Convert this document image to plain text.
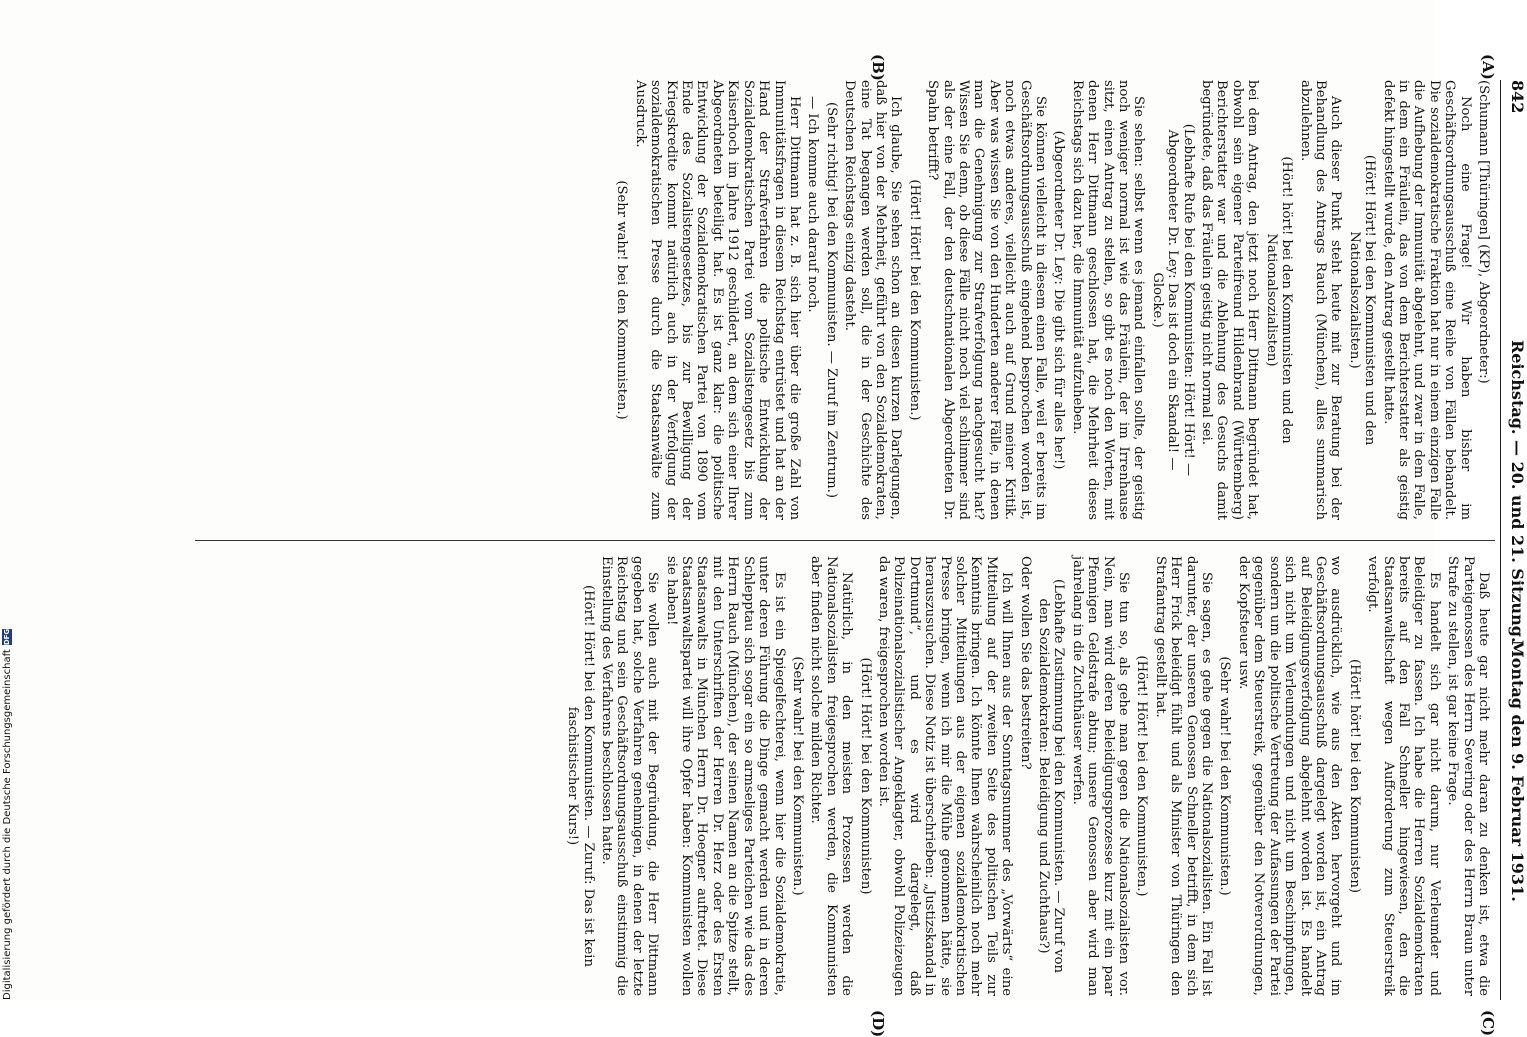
842
Reichstag. — 20. und 21. Sitzung.
Montag den 9. Februar 1931.
(A)
(B)
(C)
(D)

(Schumann [Thüringen] (KP), Abgeordneter:)

Noch eine Frage! Wir haben bisher im Geschäftsordnungsausschuß eine Reihe von Fällen behandelt. Die sozialdemokratische Fraktion hat nur in einem einzigen Falle die Aufhebung der Immunität abgelehnt, und zwar in dem Falle, in dem ein Fräulein, das von dem Berichterstatter als geistig defekt hingestellt wurde, den Antrag gestellt hatte.

(Hört! Hört! bei den Kommunisten und den Nationalsozialisten.)

Auch dieser Punkt steht heute mit zur Beratung bei der Behandlung des Antrags Rauch (München), alles summarisch abzulehnen.

(Hört! hört! bei den Kommunisten und den Nationalsozialisten)

bei dem Antrag, den jetzt noch Herr Dittmann begründet hat, obwohl sein eigener Parteifreund Hildenbrand (Württemberg) Berichterstatter war und die Ablehnung des Gesuchs damit begründete, daß das Fräulein geistig nicht normal sei.

(Lebhafte Rufe bei den Kommunisten: Hört! Hört! — Abgeordneter Dr. Ley: Das ist doch ein Skandal! — Glocke.)

Sie sehen: selbst wenn es jemand einfallen sollte, der geistig noch weniger normal ist wie das Fräulein, der im Irrenhause sitzt, einen Antrag zu stellen, so gibt es noch den Worten, mit denen Herr Dittmann geschlossen hat, die Mehrheit dieses Reichstags sich dazu her, die Immunität aufzuheben.

(Abgeordneter Dr. Ley: Die gibt sich für alles her!)

Sie können vielleicht in diesem einen Falle, weil er bereits im Geschäftsordnungsausschuß eingehend besprochen worden ist, noch etwas anderes, vielleicht auch auf Grund meiner Kritik. Aber was wissen Sie von den Hunderten anderer Fälle, in denen man die Genehmigung zur Strafverfolgung nachgesucht hat? Wissen Sie denn, ob diese Fälle nicht noch viel schlimmer sind als der eine Fall, der den deutschnationalen Abgeordneten Dr. Spahn betrifft?

(Hört! Hört! bei den Kommunisten.)

Ich glaube, Sie sehen schon an diesen kurzen Darlegungen, daß hier von der Mehrheit, geführt von den Sozialdemokraten, eine Tat begangen werden soll, die in der Geschichte des Deutschen Reichstags einzig dasteht.

(Sehr richtig! bei den Kommunisten. — Zuruf im Zentrum.)

— Ich komme auch darauf noch.

Herr Dittmann hat z. B. sich hier über die große Zahl von Immunitätsfragen in diesem Reichstag entrüstet und hat an der Hand der Strafverfahren die politische Entwicklung der Sozialdemokratischen Partei vom Sozialistengesetz bis zum Kaiserhoch im Jahre 1912 geschildert, an dem sich einer Ihrer Abgeordneten beteiligt hat. Es ist ganz klar: die politische Entwicklung der Sozialdemokratischen Partei von 1890 vom Ende des Sozialistengesetzes, bis zur Bewilligung der Kriegskredite kommt natürlich auch in der Verfolgung der sozialdemokratischen Presse durch die Staatsanwälte zum Ausdruck.

(Sehr wahr! bei den Kommunisten.)

Daß heute gar nicht mehr daran zu denken ist, etwa die Parteigenossen des Herrn Severing oder des Herrn Braun unter Strafe zu stellen, ist gar keine Frage.

Es handelt sich gar nicht darum, nur Verleumder und Beleidiger zu fassen. Ich habe die Herren Sozialdemokraten bereits auf den Fall Schneller hingewiesen, den die Staatsanwaltschaft wegen Aufforderung zum Steuerstreik verfolgt.

(Hört! hört! bei den Kommunisten)

wo ausdrücklich, wie aus den Akten hervorgeht und im Geschäftsordnungsausschuß dargelegt worden ist, ein Antrag auf Beleidigungsverfolgung abgelehnt worden ist. Es handelt sich nicht um Verleumdungen und nicht um Beschimpfungen, sondern um die politische Vertretung der Aufassungen der Partei gegenüber dem Steuerstreik, gegenüber den Notverordnungen, der Kopfsteuer usw.

(Sehr wahr! bei den Kommunisten.)

Sie sagen, es gehe gegen die Nationalsozialisten. Ein Fall ist darunter, der unseren Genossen Schneller betrifft, in dem sich Herr Frick beleidigt fühlt und als Minister von Thüringen den Strafantrag gestellt hat.

(Hört! Hört! bei den Kommunisten.)

Sie tun so, als gehe man gegen die Nationalsozialisten vor. Nein, man wird deren Beleidigungsprozesse kurz mit ein paar Pfennigen Geldstrafe abtun; unsere Genossen aber wird man jahrelang in die Zuchthäuser werfen.

(Lebhafte Zustimmung bei den Kommunisten. — Zuruf von den Sozialdemokraten: Beleidigung und Zuchthaus?)

Oder wollen Sie das bestreiten?

Ich will Ihnen aus der Sonntagsnummer des „Vorwärts“ eine Mitteilung auf der zweiten Seite des politischen Teils zur Kenntnis bringen. Ich könnte Ihnen wahrscheinlich noch mehr solcher Mitteilungen aus der eigenen sozialdemokratischen Presse bringen, wenn ich mir die Mühe genommen hätte, sie herauszusuchen. Diese Notiz ist überschrieben: „Justizskandal in Dortmund“, und es wird dargelegt, daß Polizeinationalsozialistischer Angeklagter, obwohl Polizeizeugen da waren, freigesprochen worden ist.

(Hört! Hört! bei den Kommunisten)

Natürlich, in den meisten Prozessen werden die Nationalsozialisten freigesprochen werden, die Kommunisten aber finden nicht solche milden Richter.

(Sehr wahr! bei den Kommunisten.)

Es ist ein Spiegelfechterei, wenn hier die Sozialdemokratie, unter deren Führung die Dinge gemacht werden und in deren Schlepptau sich sogar ein so armseliges Parteichen wie das des Herrn Rauch (München), der seinen Namen an die Spitze stellt, mit den Unterschriften der Herren Dr. Herz oder des Ersten Staatsanwalts in München Herrn Dr. Hoegner auftretet. Diese Staatsanwaltspartei will ihre Opfer haben: Kommunisten wollen sie haben!

Sie wollen auch mit der Begründung, die Herr Dittmann gegeben hat, solche Verfahren genehmigen, in denen der letzte Reichstag und sein Geschäftsordnungsausschuß einstimmig die Einstellung des Verfahrens beschlossen hatte.

(Hört! Hört! bei den Kommunisten. — Zuruf: Das ist kein faschistischer Kurs!)

Digitalisierung gefördert durch die Deutsche Forschungsgemeinschaft
DFG
